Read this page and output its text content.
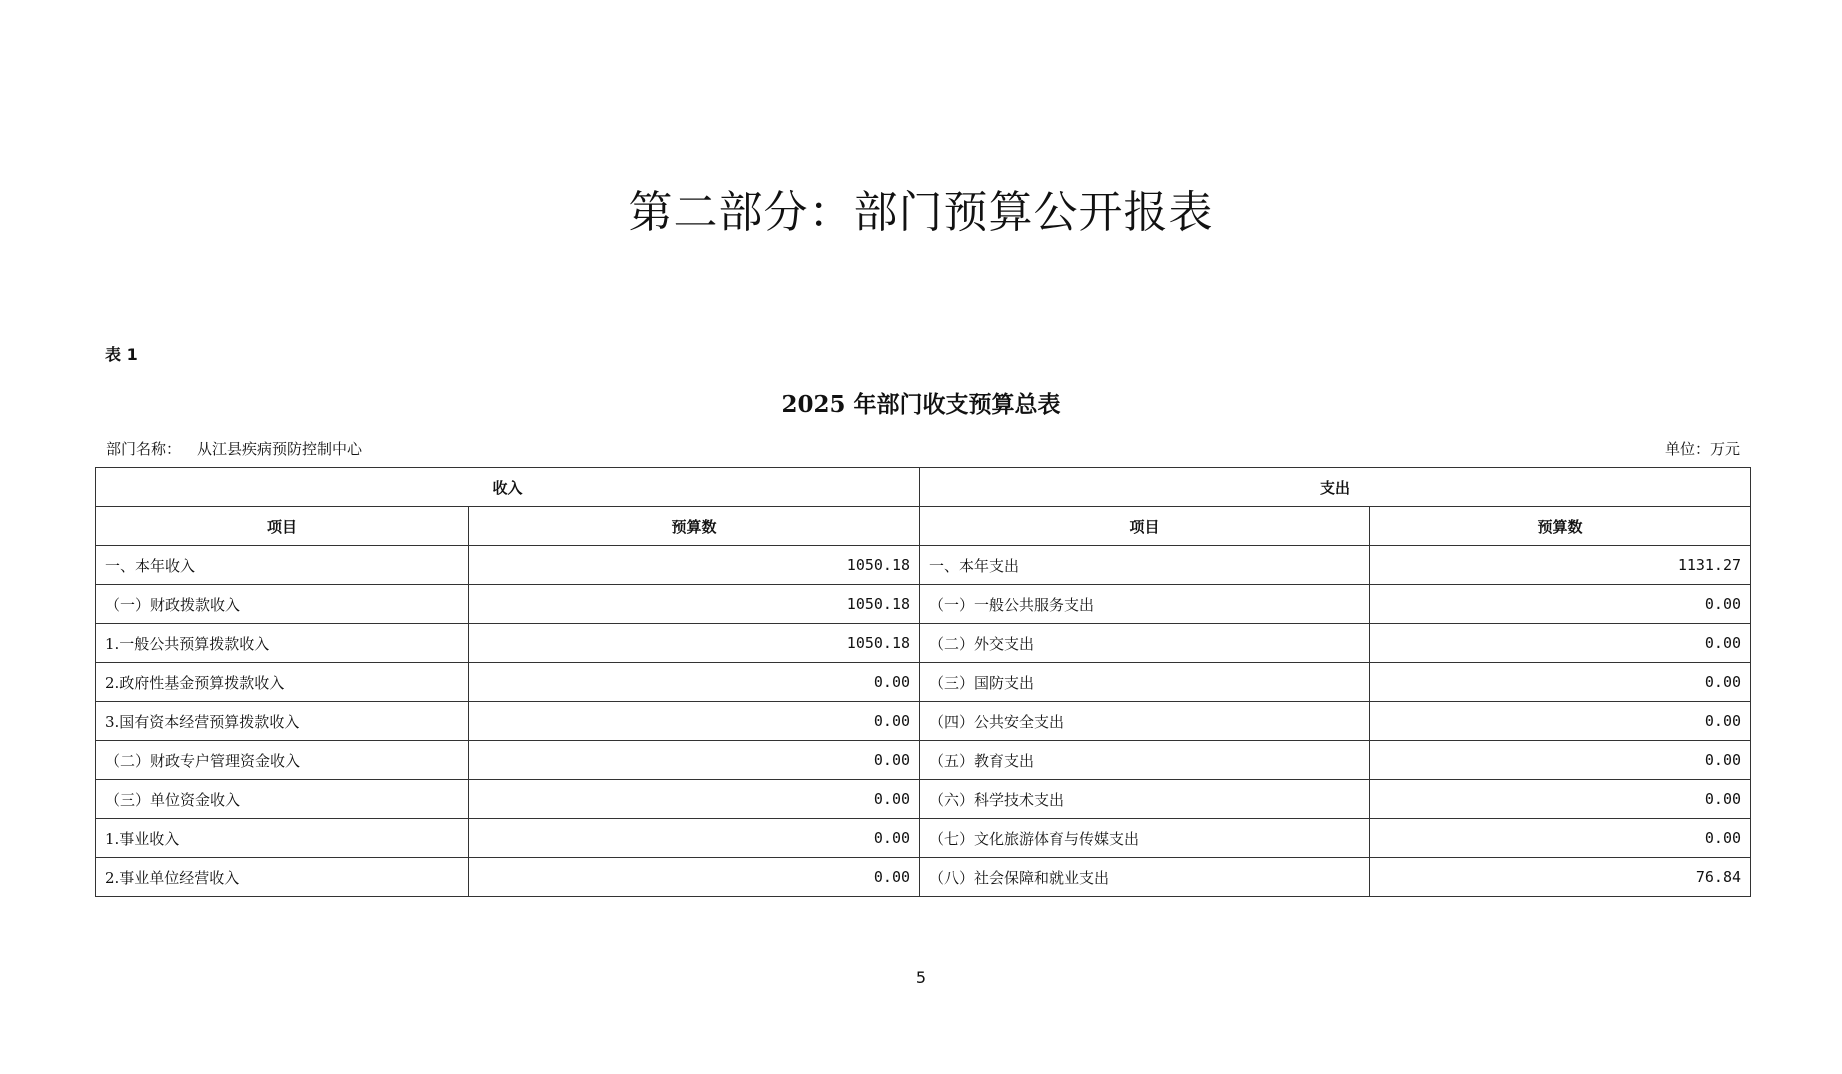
第二部分：部门预算公开报表
表 1
2025 年部门收支预算总表
部门名称： 从江县疾病预防控制中心	单位：万元
收入		支出	
项目	预算数	项目	预算数
一、本年收入	1050.18	一、本年支出	1131.27
（一）财政拨款收入	1050.18	（一）一般公共服务支出	0.00
1.一般公共预算拨款收入	1050.18	（二）外交支出	0.00
2.政府性基金预算拨款收入	0.00	（三）国防支出	0.00
3.国有资本经营预算拨款收入	0.00	（四）公共安全支出	0.00
（二）财政专户管理资金收入	0.00	（五）教育支出	0.00
（三）单位资金收入	0.00	（六）科学技术支出	0.00
1.事业收入	0.00	（七）文化旅游体育与传媒支出	0.00
2.事业单位经营收入	0.00	（八）社会保障和就业支出	76.84
5
